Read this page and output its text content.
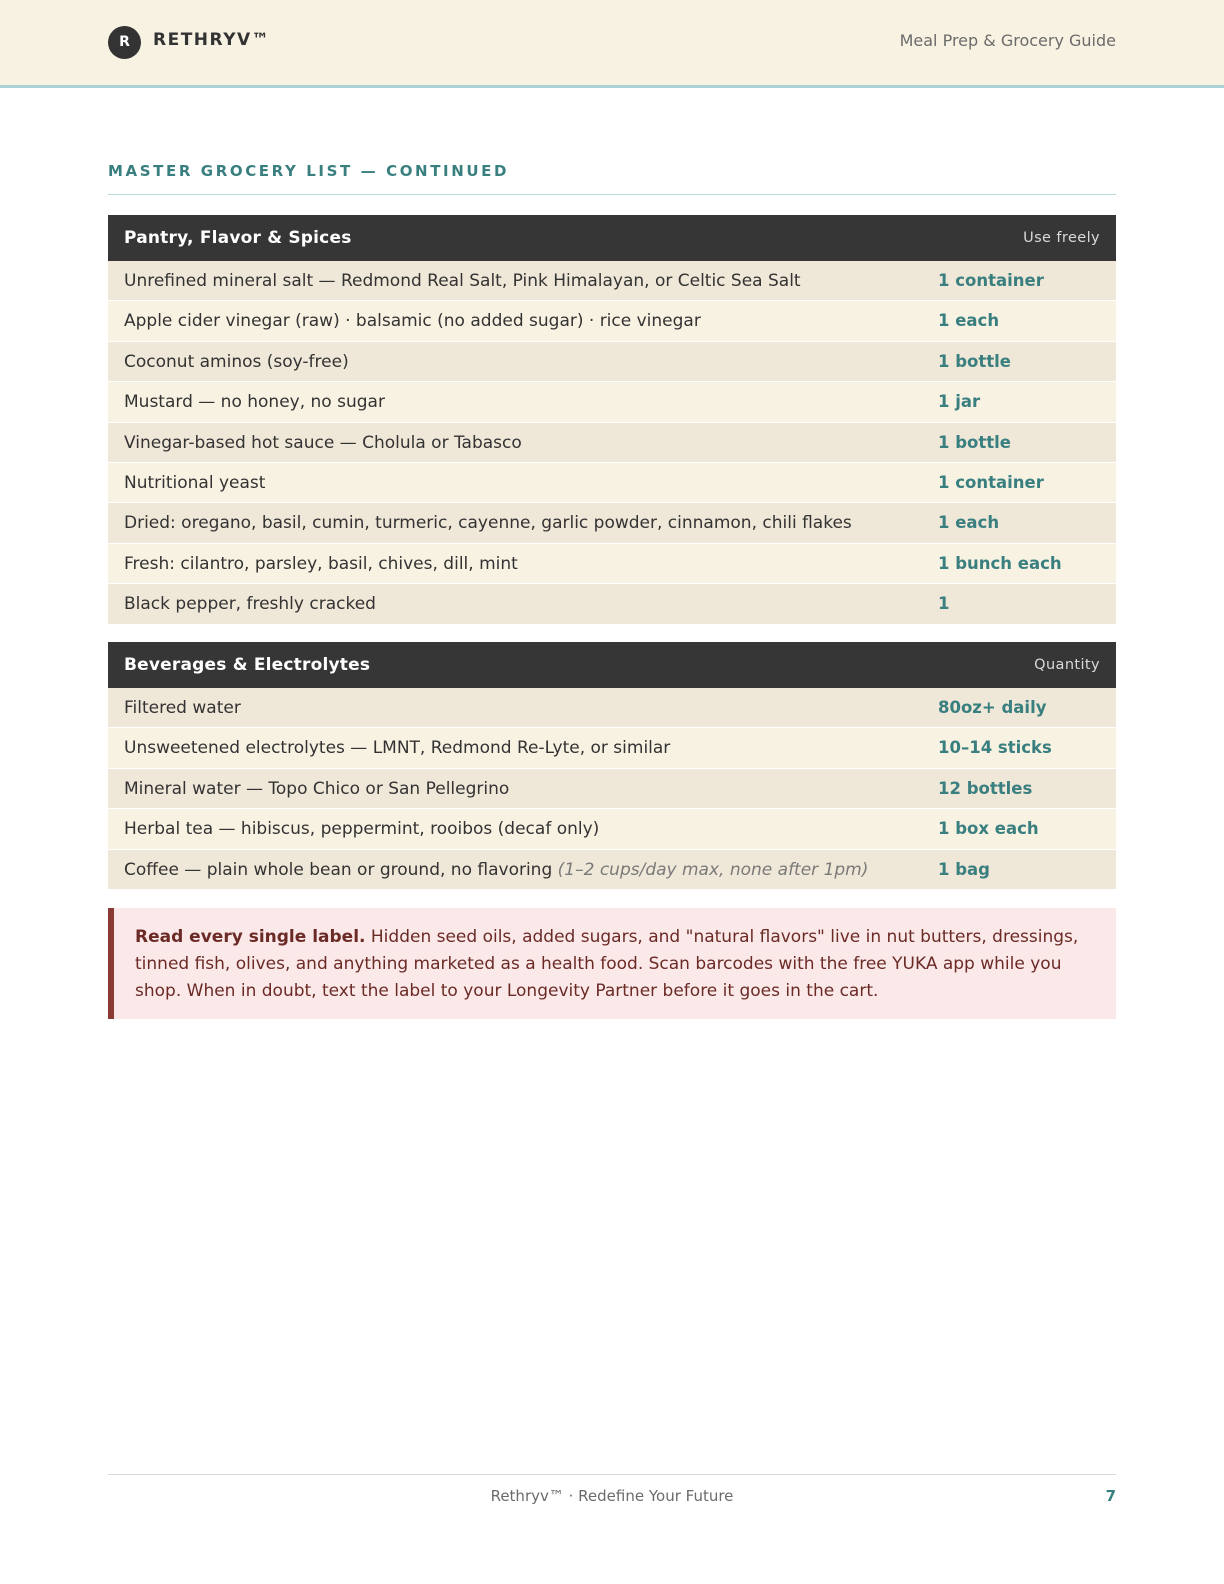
R	RETHRYV™	Meal Prep & Grocery Guide
MASTER GROCERY LIST — CONTINUED
Pantry, Flavor & Spices	Use freely
Unrefined mineral salt — Redmond Real Salt, Pink Himalayan, or Celtic Sea Salt	1 container
Apple cider vinegar (raw) · balsamic (no added sugar) · rice vinegar	1 each
Coconut aminos (soy-free)	1 bottle
Mustard — no honey, no sugar	1 jar
Vinegar-based hot sauce — Cholula or Tabasco	1 bottle
Nutritional yeast	1 container
Dried: oregano, basil, cumin, turmeric, cayenne, garlic powder, cinnamon, chili flakes	1 each
Fresh: cilantro, parsley, basil, chives, dill, mint	1 bunch each
Black pepper, freshly cracked	1
Beverages & Electrolytes	Quantity
Filtered water	80oz+ daily
Unsweetened electrolytes — LMNT, Redmond Re-Lyte, or similar	10–14 sticks
Mineral water — Topo Chico or San Pellegrino	12 bottles
Herbal tea — hibiscus, peppermint, rooibos (decaf only)	1 box each
Coffee — plain whole bean or ground, no flavoring (1–2 cups/day max, none after 1pm)	1 bag
Read every single label. Hidden seed oils, added sugars, and "natural flavors" live in nut butters, dressings, tinned fish, olives, and anything marketed as a health food. Scan barcodes with the free YUKA app while you shop. When in doubt, text the label to your Longevity Partner before it goes in the cart.
Rethryv™ · Redefine Your Future	7
